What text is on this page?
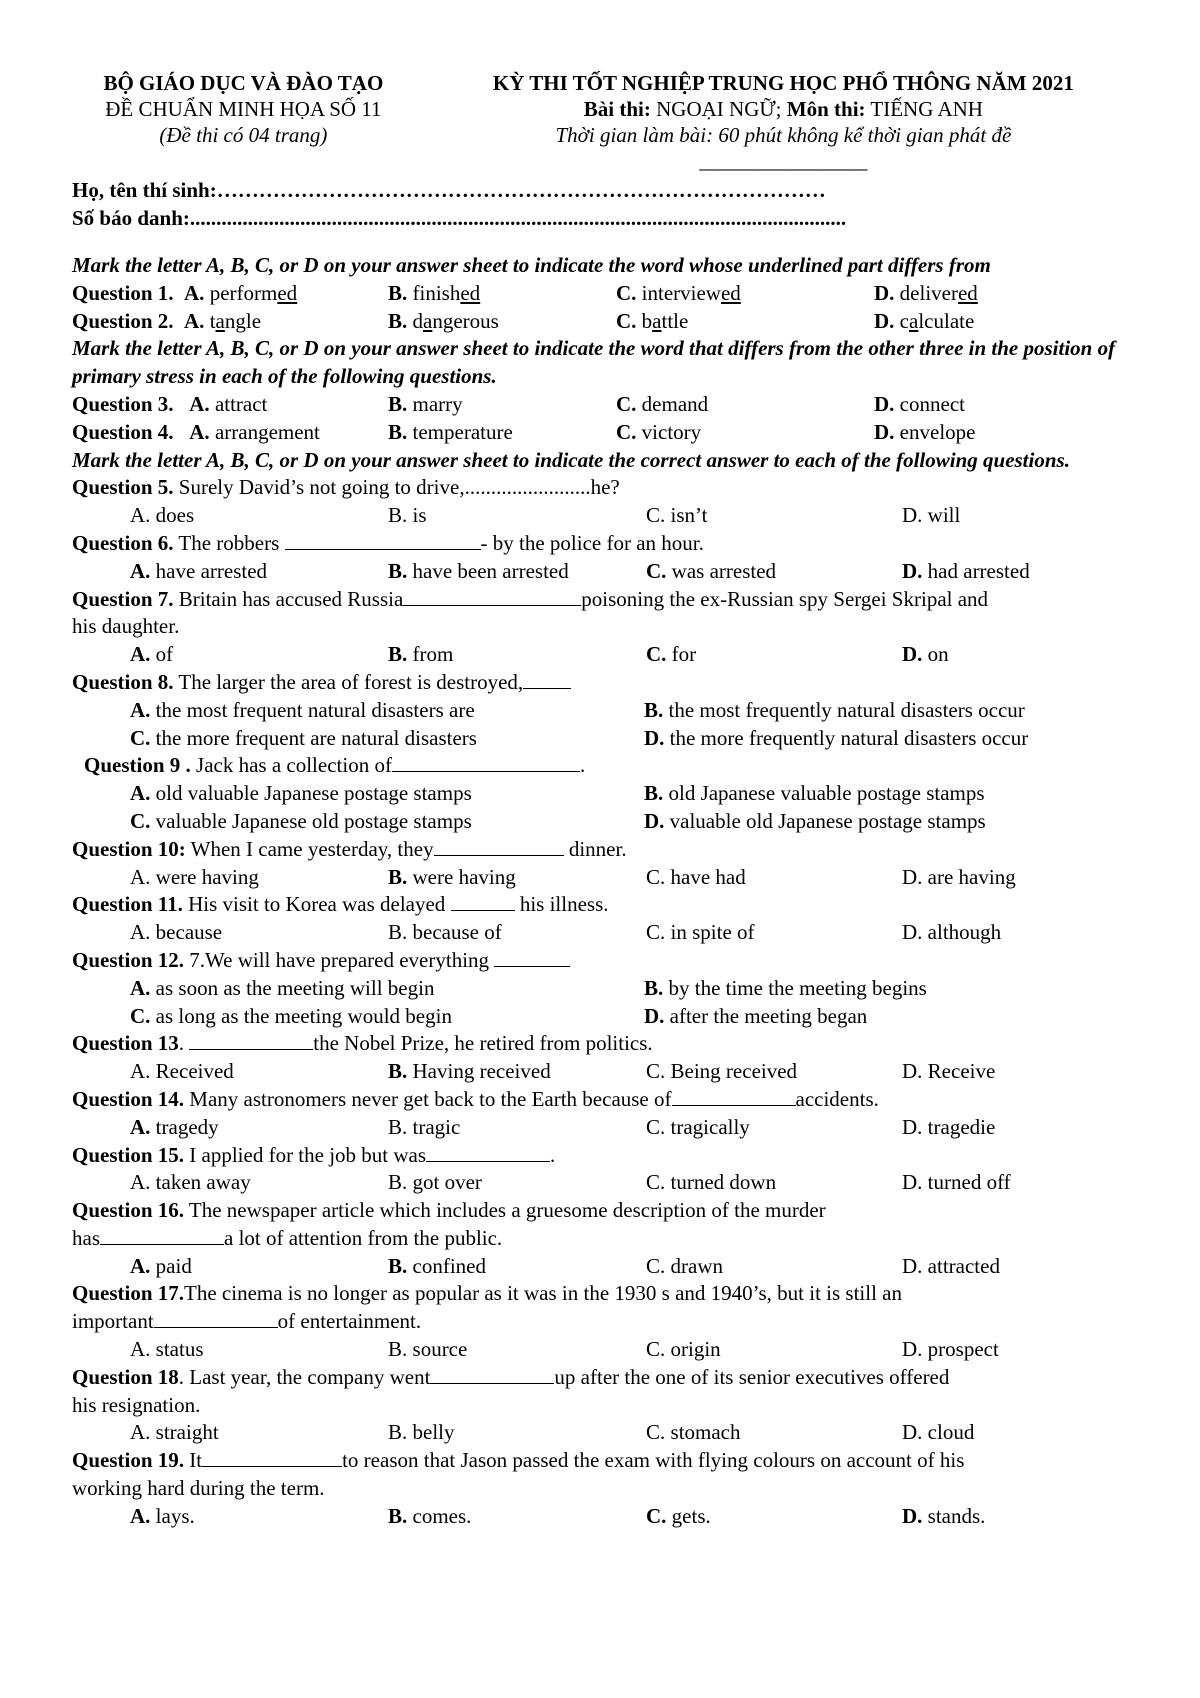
BỘ GIÁO DỤC VÀ ĐÀO TẠO
ĐỀ CHUẨN MINH HỌA SỐ 11
(Đề thi có 04 trang)
KỲ THI TỐT NGHIỆP TRUNG HỌC PHỔ THÔNG NĂM 2021
Bài thi: NGOẠI NGỮ; Môn thi: TIẾNG ANH
Thời gian làm bài: 60 phút không kể thời gian phát đề
________________
Họ, tên thí sinh:……………………………………………………………………………
Số báo danh:.............................................................................................................................
Mark the letter A, B, C, or D on your answer sheet to indicate the word whose underlined part differs from
Question 1. A. performed	B. finished	C. interviewed	D. delivered
Question 2. A. tangle	B. dangerous	C. battle	D. calculate
Mark the letter A, B, C, or D on your answer sheet to indicate the word that differs from the other three in the position of primary stress in each of the following questions.
Question 3. A. attract	B. marry	C. demand	D. connect
Question 4. A. arrangement	B. temperature	C. victory	D. envelope
Mark the letter A, B, C, or D on your answer sheet to indicate the correct answer to each of the following questions.
Question 5. Surely David’s not going to drive,........................he?
A. does	B. is	C. isn’t	D. will
Question 6. The robbers	- by the police for an hour.
A. have arrested	B. have been arrested	C. was arrested	D. had arrested
Question 7. Britain has accused Russia	poisoning the ex-Russian spy Sergei Skripal and
his daughter.
A. of	B. from	C. for	D. on
Question 8. The larger the area of forest is destroyed,
A. the most frequent natural disasters are	B. the most frequently natural disasters occur
C. the more frequent are natural disasters	D. the more frequently natural disasters occur
Question 9 . Jack has a collection of	.
A. old valuable Japanese postage stamps	B. old Japanese valuable postage stamps
C. valuable Japanese old postage stamps	D. valuable old Japanese postage stamps
Question 10: When I came yesterday, they	dinner.
A. were having	B. were having	C. have had	D. are having
Question 11. His visit to Korea was delayed	his illness.
A. because	B. because of	C. in spite of	D. although
Question 12. 7.We will have prepared everything
A. as soon as the meeting will begin	B. by the time the meeting begins
C. as long as the meeting would begin	D. after the meeting began
Question 13.	the Nobel Prize, he retired from politics.
A. Received	B. Having received	C. Being received	D. Receive
Question 14. Many astronomers never get back to the Earth because of	accidents.
A. tragedy	B. tragic	C. tragically	D. tragedie
Question 15. I applied for the job but was	.
A. taken away	B. got over	C. turned down	D. turned off
Question 16. The newspaper article which includes a gruesome description of the murder
has	a lot of attention from the public.
A. paid	B. confined	C. drawn	D. attracted
Question 17.The cinema is no longer as popular as it was in the 1930 s and 1940’s, but it is still an
important	of entertainment.
A. status	B. source	C. origin	D. prospect
Question 18. Last year, the company went	up after the one of its senior executives offered
his resignation.
A. straight	B. belly	C. stomach	D. cloud
Question 19. It	to reason that Jason passed the exam with flying colours on account of his
working hard during the term.
A. lays.	B. comes.	C. gets.	D. stands.
